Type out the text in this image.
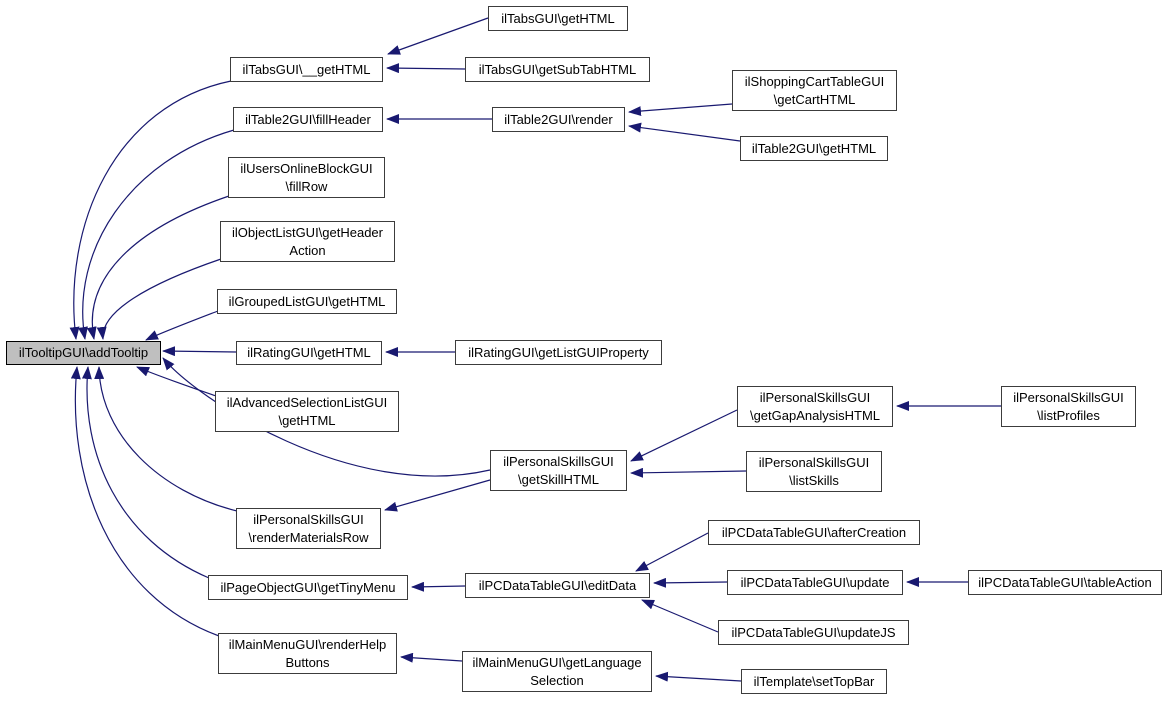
ilTooltipGUI\addTooltip
ilTabsGUI\__getHTML
ilTable2GUI\fillHeader
ilUsersOnlineBlockGUI
\fillRow
ilObjectListGUI\getHeader
Action
ilGroupedListGUI\getHTML
ilRatingGUI\getHTML
ilAdvancedSelectionListGUI
\getHTML
ilPersonalSkillsGUI
\getSkillHTML
ilPersonalSkillsGUI
\renderMaterialsRow
ilPageObjectGUI\getTinyMenu
ilMainMenuGUI\renderHelp
Buttons
ilTabsGUI\getHTML
ilTabsGUI\getSubTabHTML
ilTable2GUI\render
ilRatingGUI\getListGUIProperty
ilPCDataTableGUI\editData
ilMainMenuGUI\getLanguage
Selection
ilShoppingCartTableGUI
\getCartHTML
ilTable2GUI\getHTML
ilPersonalSkillsGUI
\getGapAnalysisHTML
ilPersonalSkillsGUI
\listSkills
ilPCDataTableGUI\afterCreation
ilPCDataTableGUI\update
ilPCDataTableGUI\updateJS
ilTemplate\setTopBar
ilPersonalSkillsGUI
\listProfiles
ilPCDataTableGUI\tableAction
